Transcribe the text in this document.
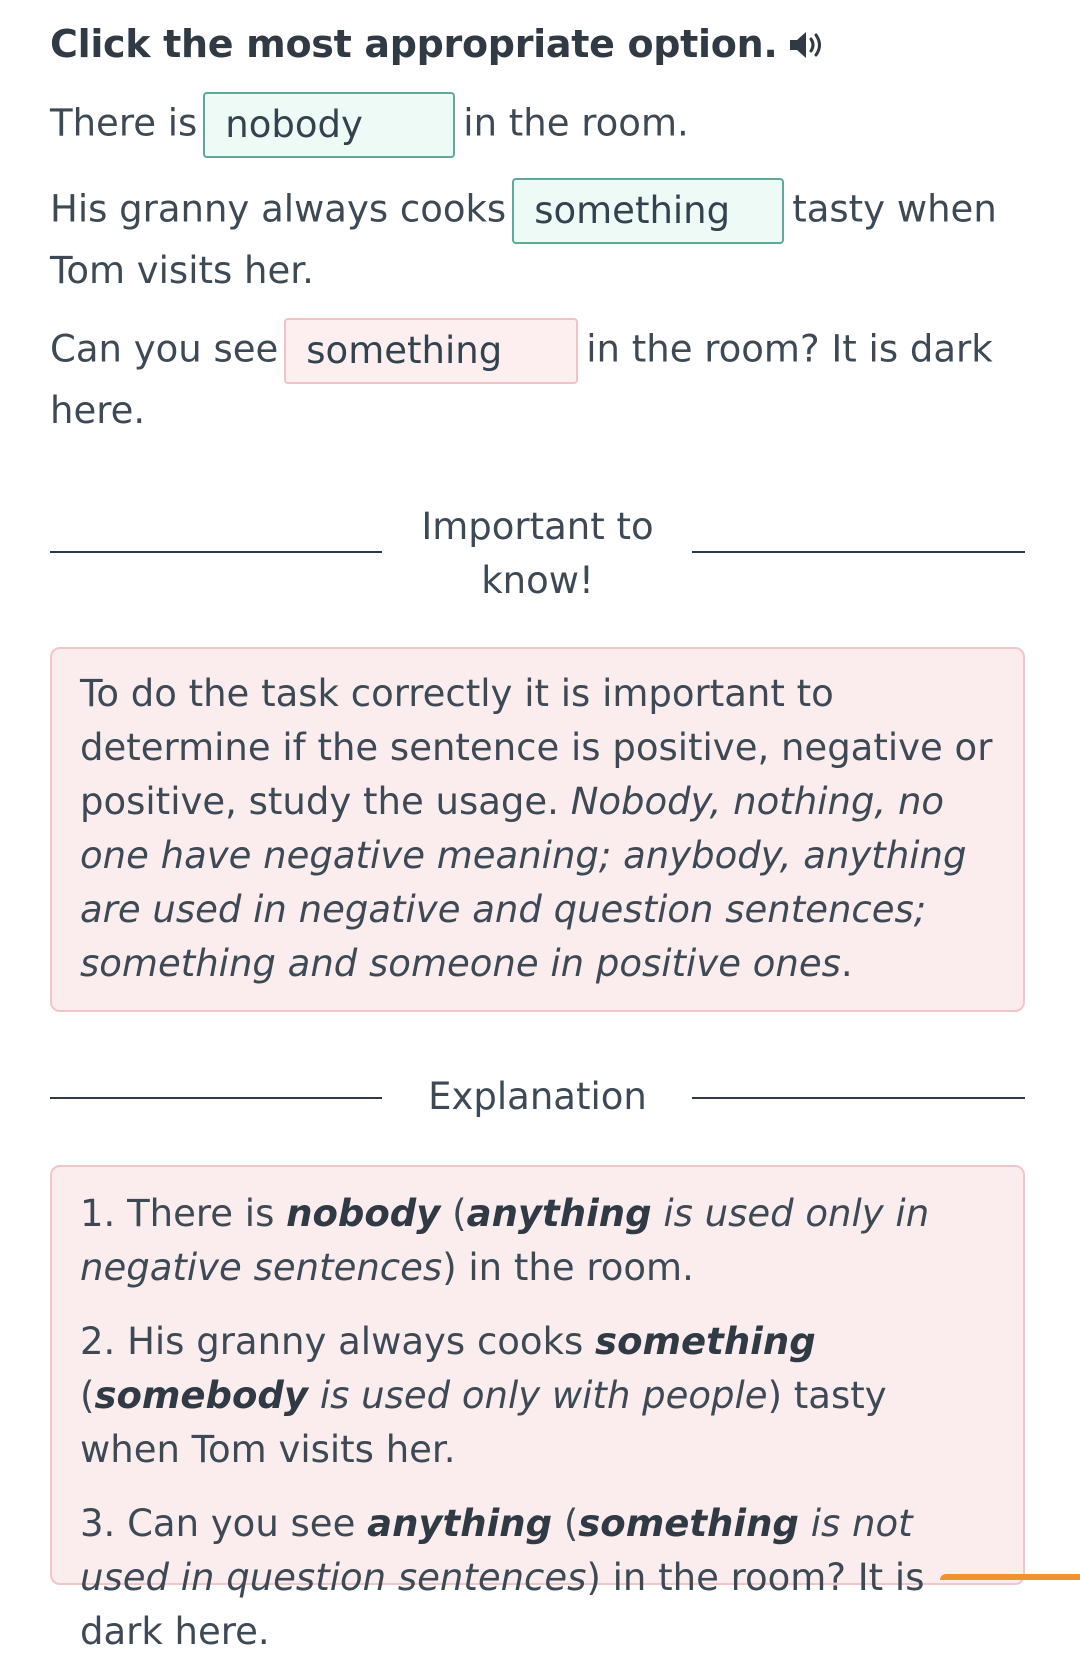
Click the most appropriate option.
There is nobody	in the room.
His granny always cooks something tasty when Tom visits her.
Can you see something in the room? It is dark here.
Important to know!
To do the task correctly it is important to determine if the sentence is positive, negative or positive, study the usage. Nobody, nothing, no one have negative meaning; anybody, anything are used in negative and question sentences; something and someone in positive ones.
Explanation

1. There is nobody (anything is used only in negative sentences) in the room.

2. His granny always cooks something (somebody is used only with people) tasty when Tom visits her.

3. Can you see anything (something is not used in question sentences) in the room? It is dark here.
